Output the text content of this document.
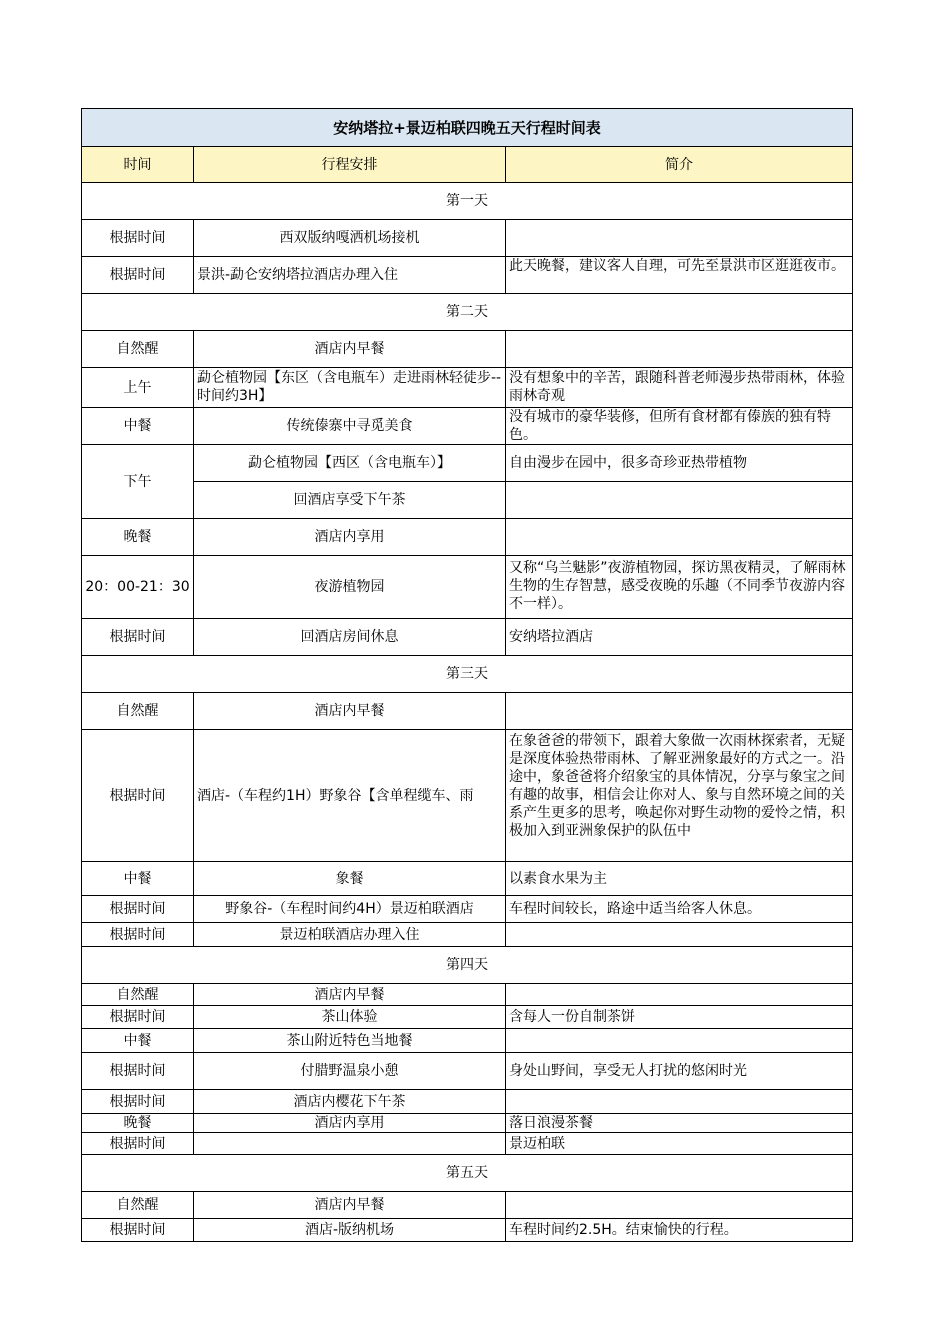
安纳塔拉+景迈柏联四晚五天行程时间表		
时间	行程安排	简介
第一天		
根据时间	西双版纳嘎洒机场接机	
根据时间	景洪-勐仑安纳塔拉酒店办理入住	此天晚餐，建议客人自理，可先至景洪市区逛逛夜市。

第二天		
自然醒	酒店内早餐	
上午	勐仑植物园【东区（含电瓶车）走进雨林轻徒步--时间约3H】	没有想象中的辛苦，跟随科普老师漫步热带雨林，体验雨林奇观

中餐	传统傣寨中寻觅美食	没有城市的豪华装修，但所有食材都有傣族的独有特色。

下午	勐仑植物园【西区（含电瓶车）】	自由漫步在园中，很多奇珍亚热带植物
	回酒店享受下午茶	
晚餐	酒店内享用	
20：00-21：30	夜游植物园	又称“乌兰魅影”夜游植物园，探访黑夜精灵，了解雨林生物的生存智慧，感受夜晚的乐趣（不同季节夜游内容不一样）。

根据时间	回酒店房间休息	安纳塔拉酒店
第三天		
自然醒	酒店内早餐	
根据时间	酒店-（车程约1H）野象谷【含单程缆车、雨	在象爸爸的带领下，跟着大象做一次雨林探索者，无疑是深度体验热带雨林、了解亚洲象最好的方式之一。沿途中，象爸爸将介绍象宝的具体情况，分享与象宝之间有趣的故事，相信会让你对人、象与自然环境之间的关系产生更多的思考，唤起你对野生动物的爱怜之情，积极加入到亚洲象保护的队伍中

中餐	象餐	以素食水果为主
根据时间	野象谷-（车程时间约4H）景迈柏联酒店	车程时间较长，路途中适当给客人休息。
根据时间	景迈柏联酒店办理入住	
第四天		
自然醒	酒店内早餐	
根据时间	茶山体验	含每人一份自制茶饼
中餐	茶山附近特色当地餐	
根据时间	付腊野温泉小憩	身处山野间，享受无人打扰的悠闲时光
根据时间	酒店内樱花下午茶	
晚餐	酒店内享用	落日浪漫茶餐
根据时间		景迈柏联
第五天		
自然醒	酒店内早餐	
根据时间	酒店-版纳机场	车程时间约2.5H。结束愉快的行程。
